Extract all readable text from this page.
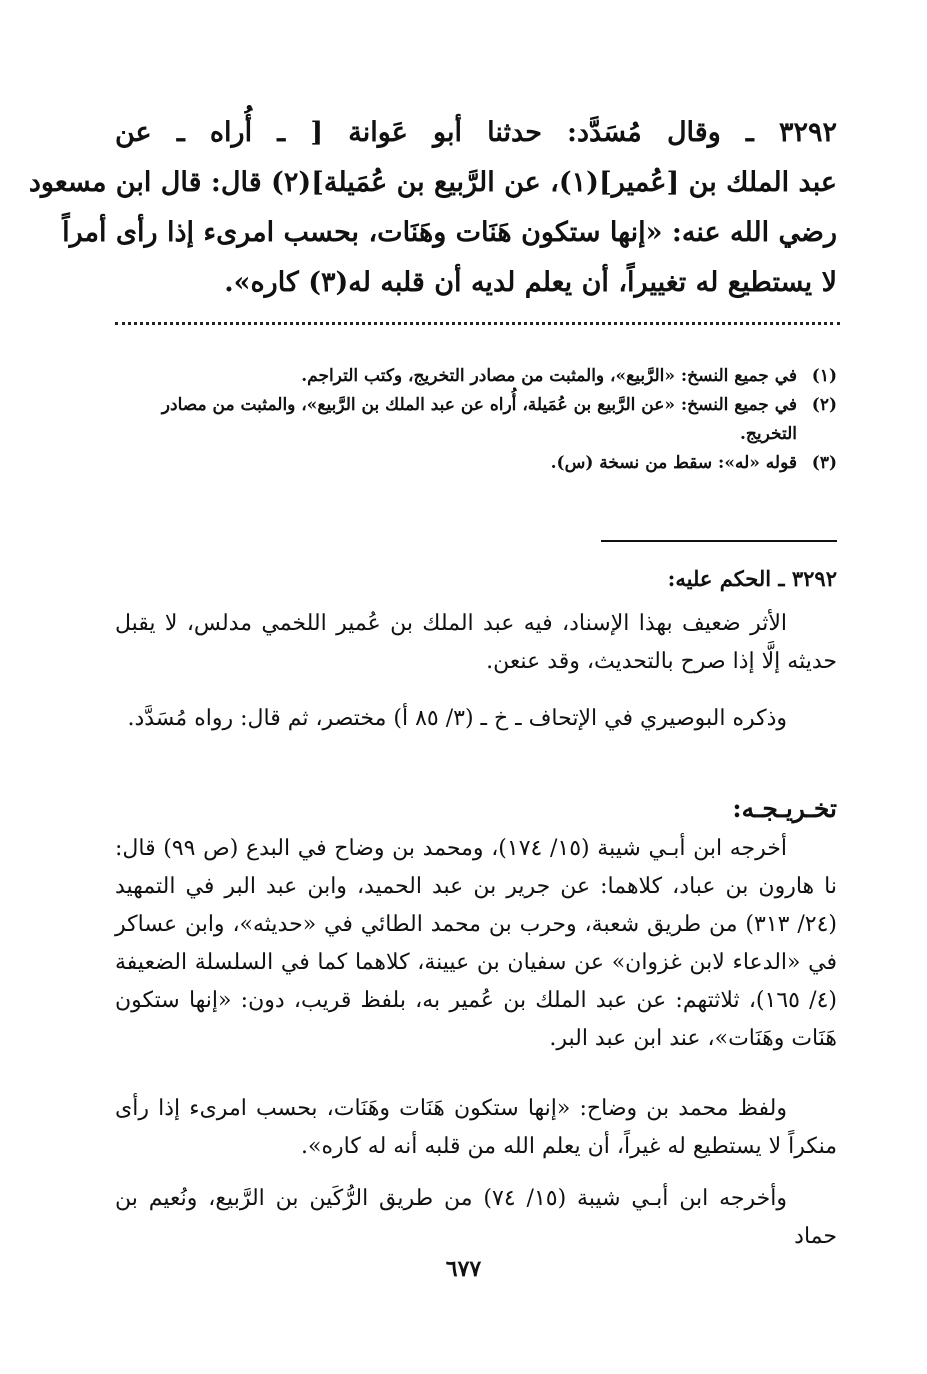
٣٢٩٢ ـ وقال مُسَدَّد: حدثنا أبو عَوانة [ ـ أُراه ـ عن
عبد الملك بن [عُمير](١)، عن الرَّبيع بن عُمَيلة](٢) قال: قال ابن مسعود
رضي الله عنه: «إنها ستكون هَنَات وهَنَات، بحسب امرىء إذا رأى أمراً
لا يستطيع له تغييراً، أن يعلم لديه أن قلبه له(٣) كاره».
(١)
في جميع النسخ: «الرَّبيع»، والمثبت من مصادر التخريج، وكتب التراجم.
(٢)
في جميع النسخ: «عن الرَّبيع بن عُمَيلة، أُراه عن عبد الملك بن الرَّبيع»، والمثبت من مصادر التخريج.
(٣)
قوله «له»: سقط من نسخة (س).
٣٢٩٢ ـ الحكم عليه:
الأثر ضعيف بهذا الإسناد، فيه عبد الملك بن عُمير اللخمي مدلس، لا يقبل حديثه إلَّا إذا صرح بالتحديث، وقد عنعن.
وذكره البوصيري في الإتحاف ـ خ ـ (٣/ ٨٥ أ) مختصر، ثم قال: رواه مُسَدَّد.
تخـريـجـه:
أخرجه ابن أبـي شيبة (١٥/ ١٧٤)، ومحمد بن وضاح في البدع (ص ٩٩) قال: نا هارون بن عباد، كلاهما: عن جرير بن عبد الحميد، وابن عبد البر في التمهيد (٢٤/ ٣١٣) من طريق شعبة، وحرب بن محمد الطائي في «حديثه»، وابن عساكر في «الدعاء لابن غزوان» عن سفيان بن عيينة، كلاهما كما في السلسلة الضعيفة (٤/ ١٦٥)، ثلاثتهم: عن عبد الملك بن عُمير به، بلفظ قريب، دون: «إنها ستكون هَنَات وهَنَات»، عند ابن عبد البر.
ولفظ محمد بن وضاح: «إنها ستكون هَنَات وهَنَات، بحسب امرىء إذا رأى منكراً لا يستطيع له غيراً، أن يعلم الله من قلبه أنه له كاره».
وأخرجه ابن أبـي شيبة (١٥/ ٧٤) من طريق الرُّكَين بن الرَّبيع، ونُعيم بن حماد
٦٧٧
